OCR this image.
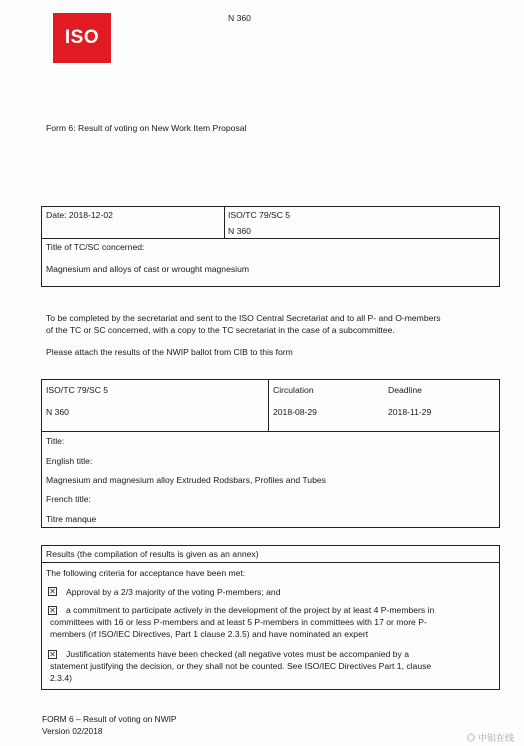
ISO
N 360
Form 6: Result of voting on New Work Item Proposal
Date: 2018-12-02	ISO/TC 79/SC 5
N 360
Title of TC/SC concerned:
Magnesium and alloys of cast or wrought magnesium
To be completed by the secretariat and sent to the ISO Central Secretariat and to all P- and O-members
of the TC or SC concerned, with a copy to the TC secretariat in the case of a subcommittee.
Please attach the results of the NWIP ballot from CIB to this form
ISO/TC 79/SC 5
N 360
Circulation
2018-08-29
Deadline
2018-11-29
Title:
English title:
Magnesium and magnesium alloy Extruded Rodsbars, Profiles and Tubes
French title:
Titre manque
Results (the compilation of results is given as an annex)
The following criteria for acceptance have been met:
✕ Approval by a 2/3 majority of the voting P-members; and
✕ a commitment to participate actively in the development of the project by at least 4 P-members in
committees with 16 or less P-members and at least 5 P-members in committees with 17 or more P-
members (rf ISO/IEC Directives, Part 1 clause 2.3.5) and have nominated an expert
✕ Justification statements have been checked (all negative votes must be accompanied by a
statement justifying the decision, or they shall not be counted. See ISO/IEC Directives Part 1, clause
2.3.4)
FORM 6 – Result of voting on NWIP
Version 02/2018
◎ 中铝在线
